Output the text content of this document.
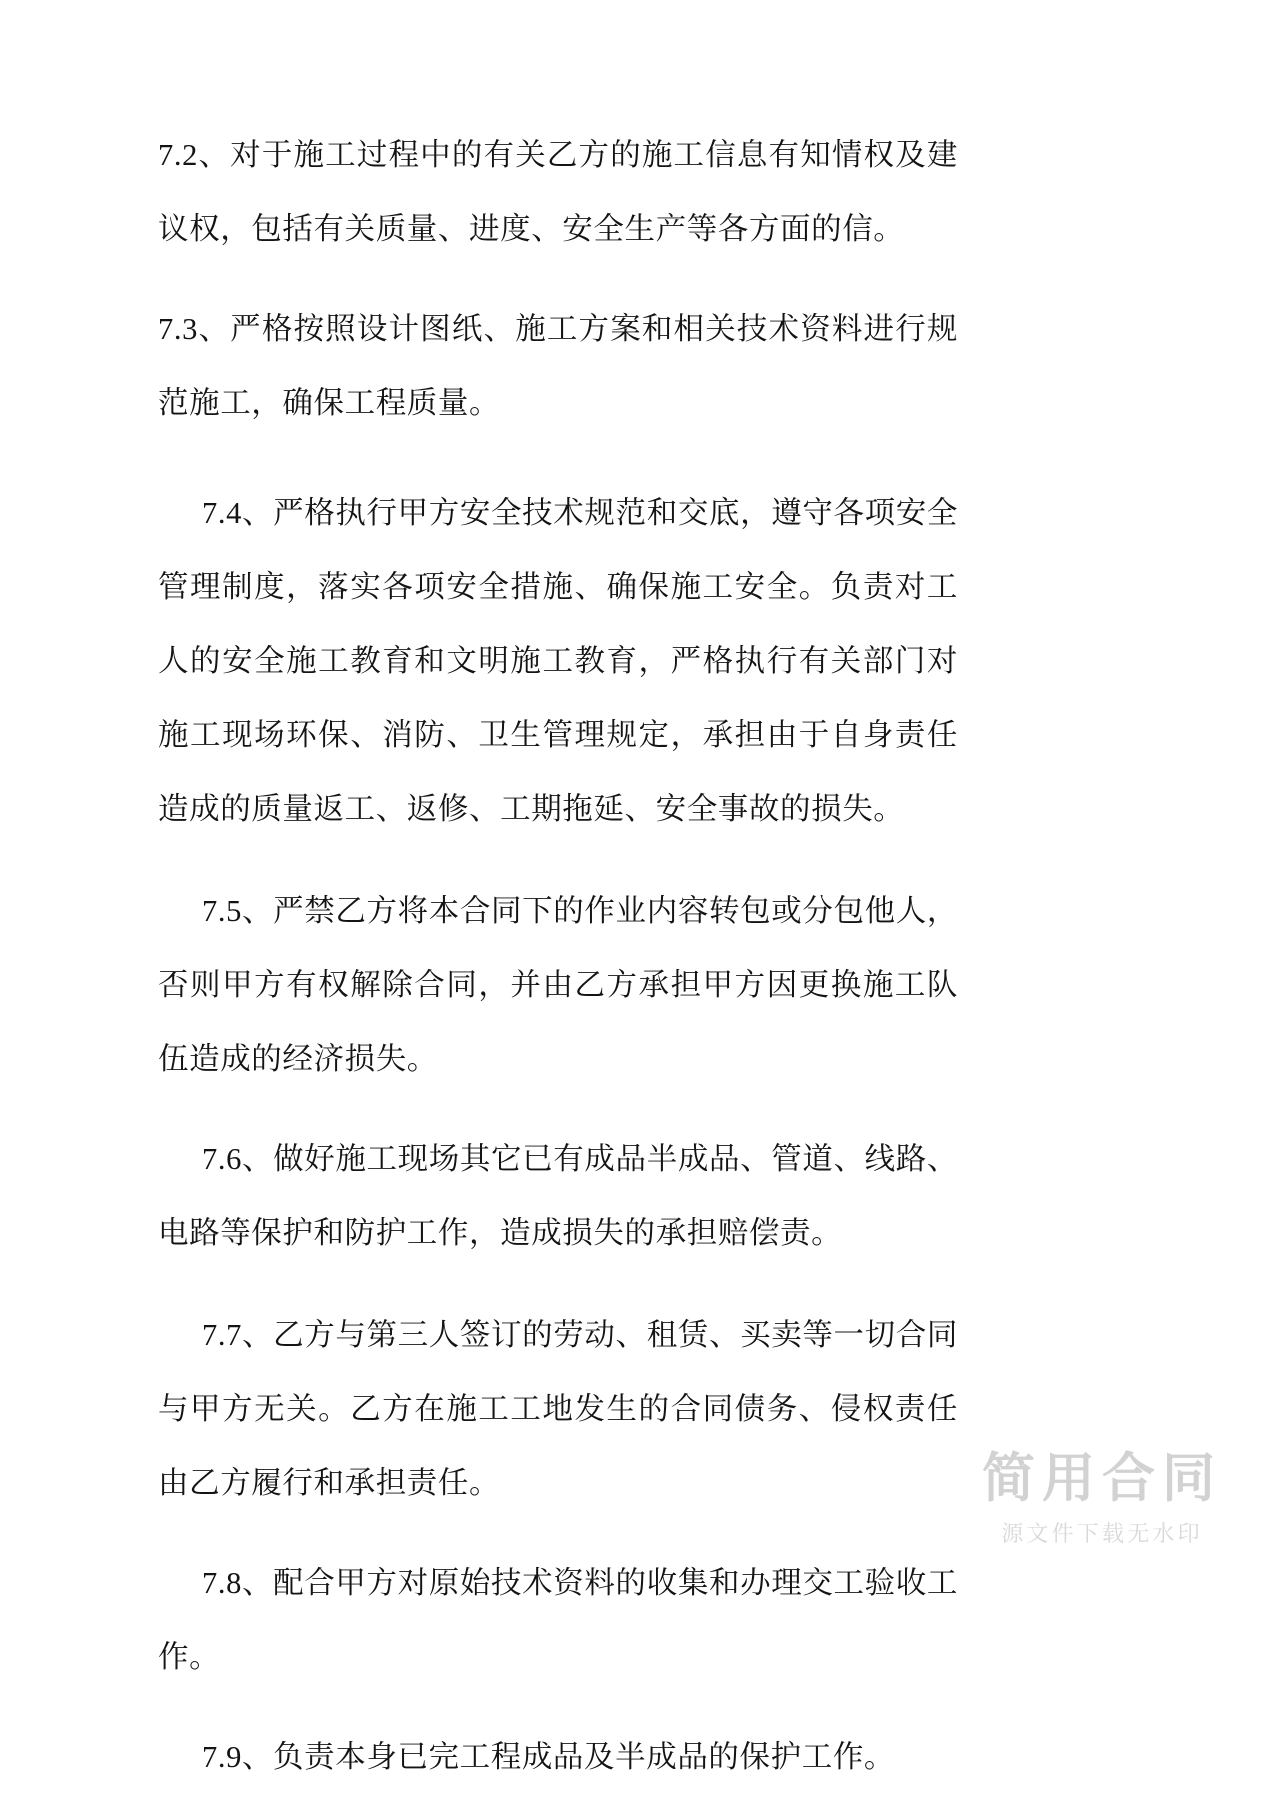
7.2、对于施工过程中的有关乙方的施工信息有知情权及建议权，包括有关质量、进度、安全生产等各方面的信。

7.3、严格按照设计图纸、施工方案和相关技术资料进行规范施工，确保工程质量。

7.4、严格执行甲方安全技术规范和交底，遵守各项安全管理制度，落实各项安全措施、确保施工安全。负责对工人的安全施工教育和文明施工教育，严格执行有关部门对施工现场环保、消防、卫生管理规定，承担由于自身责任造成的质量返工、返修、工期拖延、安全事故的损失。

7.5、严禁乙方将本合同下的作业内容转包或分包他人，否则甲方有权解除合同，并由乙方承担甲方因更换施工队伍造成的经济损失。

7.6、做好施工现场其它已有成品半成品、管道、线路、电路等保护和防护工作，造成损失的承担赔偿责。

7.7、乙方与第三人签订的劳动、租赁、买卖等一切合同与甲方无关。乙方在施工工地发生的合同债务、侵权责任由乙方履行和承担责任。

7.8、配合甲方对原始技术资料的收集和办理交工验收工作。

7.9、负责本身已完工程成品及半成品的保护工作。

简用合同
源文件下载无水印
